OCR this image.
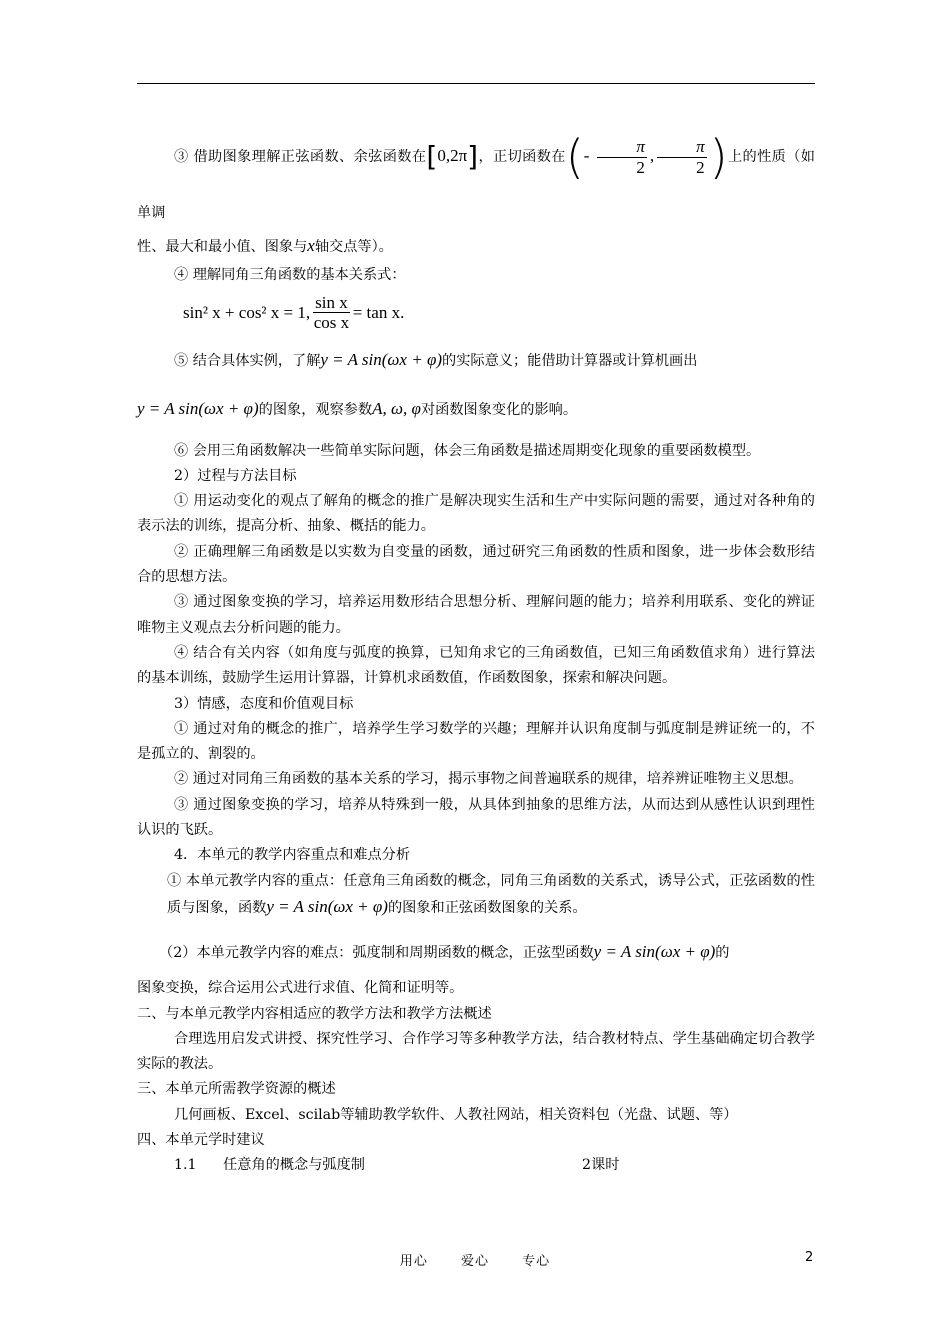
③ 借助图象理解正弦函数、余弦函数在[0,2π]，正切函数在(- $\frac{\pi}{2}$ , $\frac{\pi}{2}$ )上的性质（如单调

性、最大和最小值、图象与x轴交点等）。

④ 理解同角三角函数的基本关系式：

sin² x + cos² x = 1, $\frac{\text{sin x}}{\text{cos x}} = \tan x$.

⑤ 结合具体实例，了解y = A sin(ωx + φ)的实际意义；能借助计算器或计算机画出

y = A sin(ωx + φ)的图象，观察参数A, ω, φ对函数图象变化的影响。

⑥ 会用三角函数解决一些简单实际问题，体会三角函数是描述周期变化现象的重要函数模型。

2）过程与方法目标

① 用运动变化的观点了解角的概念的推广是解决现实生活和生产中实际问题的需要，通过对各种角的表示法的训练，提高分析、抽象、概括的能力。

② 正确理解三角函数是以实数为自变量的函数，通过研究三角函数的性质和图象，进一步体会数形结合的思想方法。

③ 通过图象变换的学习，培养运用数形结合思想分析、理解问题的能力；培养利用联系、变化的辨证唯物主义观点去分析问题的能力。

④ 结合有关内容（如角度与弧度的换算，已知角求它的三角函数值，已知三角函数值求角）进行算法的基本训练，鼓励学生运用计算器，计算机求函数值，作函数图象，探索和解决问题。

3）情感，态度和价值观目标

① 通过对角的概念的推广，培养学生学习数学的兴趣；理解并认识角度制与弧度制是辨证统一的，不是孤立的、割裂的。

② 通过对同角三角函数的基本关系的学习，揭示事物之间普遍联系的规律，培养辨证唯物主义思想。

③ 通过图象变换的学习，培养从特殊到一般，从具体到抽象的思维方法，从而达到从感性认识到理性认识的飞跃。

4．本单元的教学内容重点和难点分析

① 本单元教学内容的重点：任意角三角函数的概念，同角三角函数的关系式，诱导公式，正弦函数的性质与图象，函数y = A sin(ωx + φ)的图象和正弦函数图象的关系。

（2）本单元教学内容的难点：弧度制和周期函数的概念，正弦型函数y = A sin(ωx + φ)的

图象变换，综合运用公式进行求值、化简和证明等。

二、与本单元教学内容相适应的教学方法和教学方法概述

合理选用启发式讲授、探究性学习、合作学习等多种教学方法，结合教材特点、学生基础确定切合教学实际的教法。

三、本单元所需教学资源的概述

几何画板、Excel、scilab等辅助教学软件、人教社网站，相关资料包（光盘、试题、等）

四、本单元学时建议

1.1 任意角的概念与弧度制	2课时
用心	爱心	专心	2
